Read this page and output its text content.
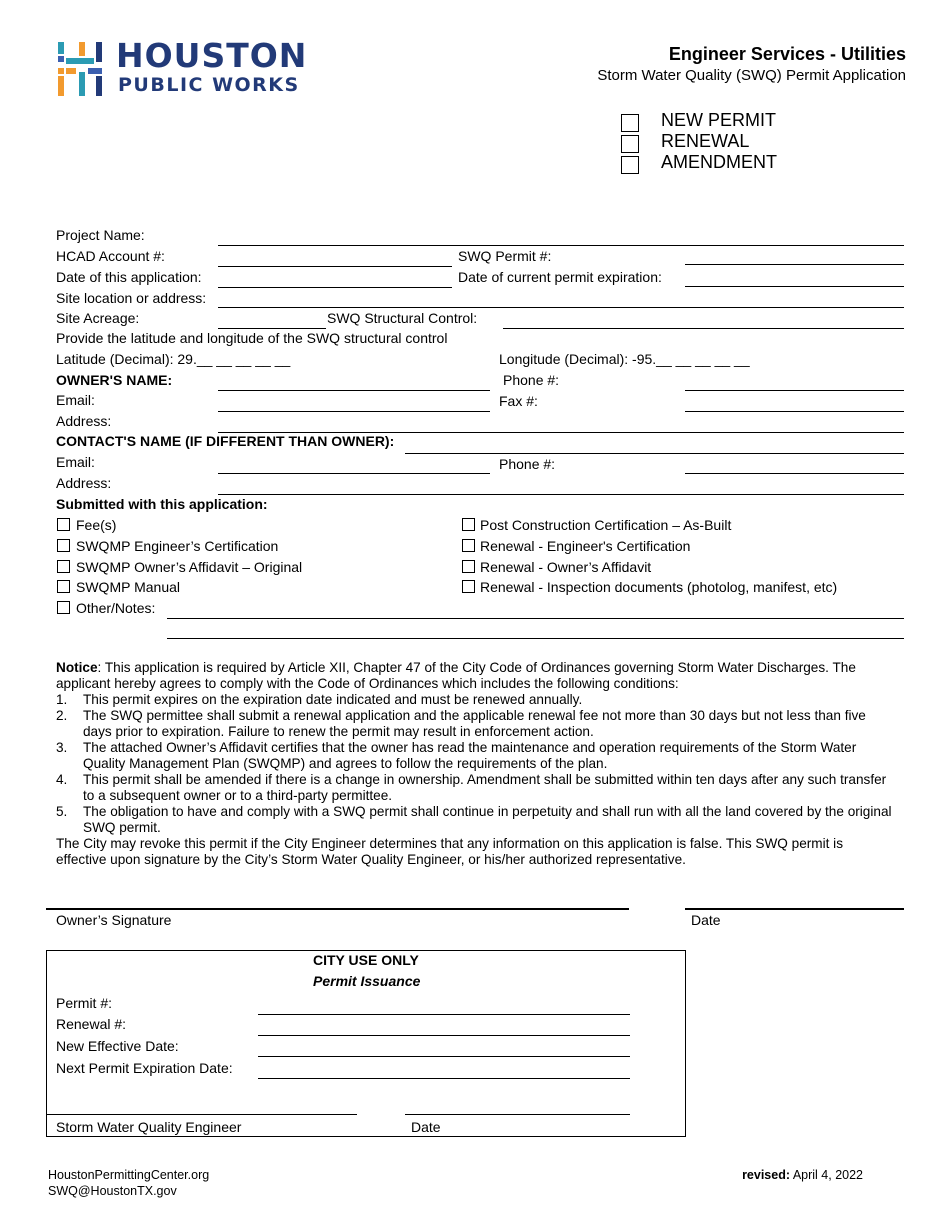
HOUSTON
PUBLIC WORKS
Engineer Services - Utilities
Storm Water Quality (SWQ) Permit Application
NEW PERMIT
RENEWAL
AMENDMENT
Project Name:
HCAD Account #:	SWQ Permit #:
Date of this application:	Date of current permit expiration:
Site location or address:
Site Acreage:	SWQ Structural Control:
Provide the latitude and longitude of the SWQ structural control
Latitude (Decimal): 29.__ __ __ __ __	Longitude (Decimal): -95.__ __ __ __ __
OWNER'S NAME:	Phone #:
Email:	Fax #:
Address:
CONTACT'S NAME (IF DIFFERENT THAN OWNER):
Email:	Phone #:
Address:
Submitted with this application:
Fee(s)
SWQMP Engineer’s Certification
SWQMP Owner’s Affidavit – Original
SWQMP Manual
Other/Notes:
Post Construction Certification – As-Built
Renewal - Engineer's Certification
Renewal - Owner’s Affidavit
Renewal - Inspection documents (photolog, manifest, etc)
Notice: This application is required by Article XII, Chapter 47 of the City Code of Ordinances governing Storm Water Discharges. The applicant hereby agrees to comply with the Code of Ordinances which includes the following conditions:
1. This permit expires on the expiration date indicated and must be renewed annually.
2. The SWQ permittee shall submit a renewal application and the applicable renewal fee not more than 30 days but not less than five days prior to expiration. Failure to renew the permit may result in enforcement action.
3. The attached Owner’s Affidavit certifies that the owner has read the maintenance and operation requirements of the Storm Water Quality Management Plan (SWQMP) and agrees to follow the requirements of the plan.
4. This permit shall be amended if there is a change in ownership. Amendment shall be submitted within ten days after any such transfer to a subsequent owner or to a third-party permittee.
5. The obligation to have and comply with a SWQ permit shall continue in perpetuity and shall run with all the land covered by the original SWQ permit.
The City may revoke this permit if the City Engineer determines that any information on this application is false. This SWQ permit is effective upon signature by the City’s Storm Water Quality Engineer, or his/her authorized representative.
Owner’s Signature	Date
CITY USE ONLY
Permit Issuance
Permit #:
Renewal #:
New Effective Date:
Next Permit Expiration Date:
Storm Water Quality Engineer	Date
HoustonPermittingCenter.org
SWQ@HoustonTX.gov
revised: April 4, 2022
